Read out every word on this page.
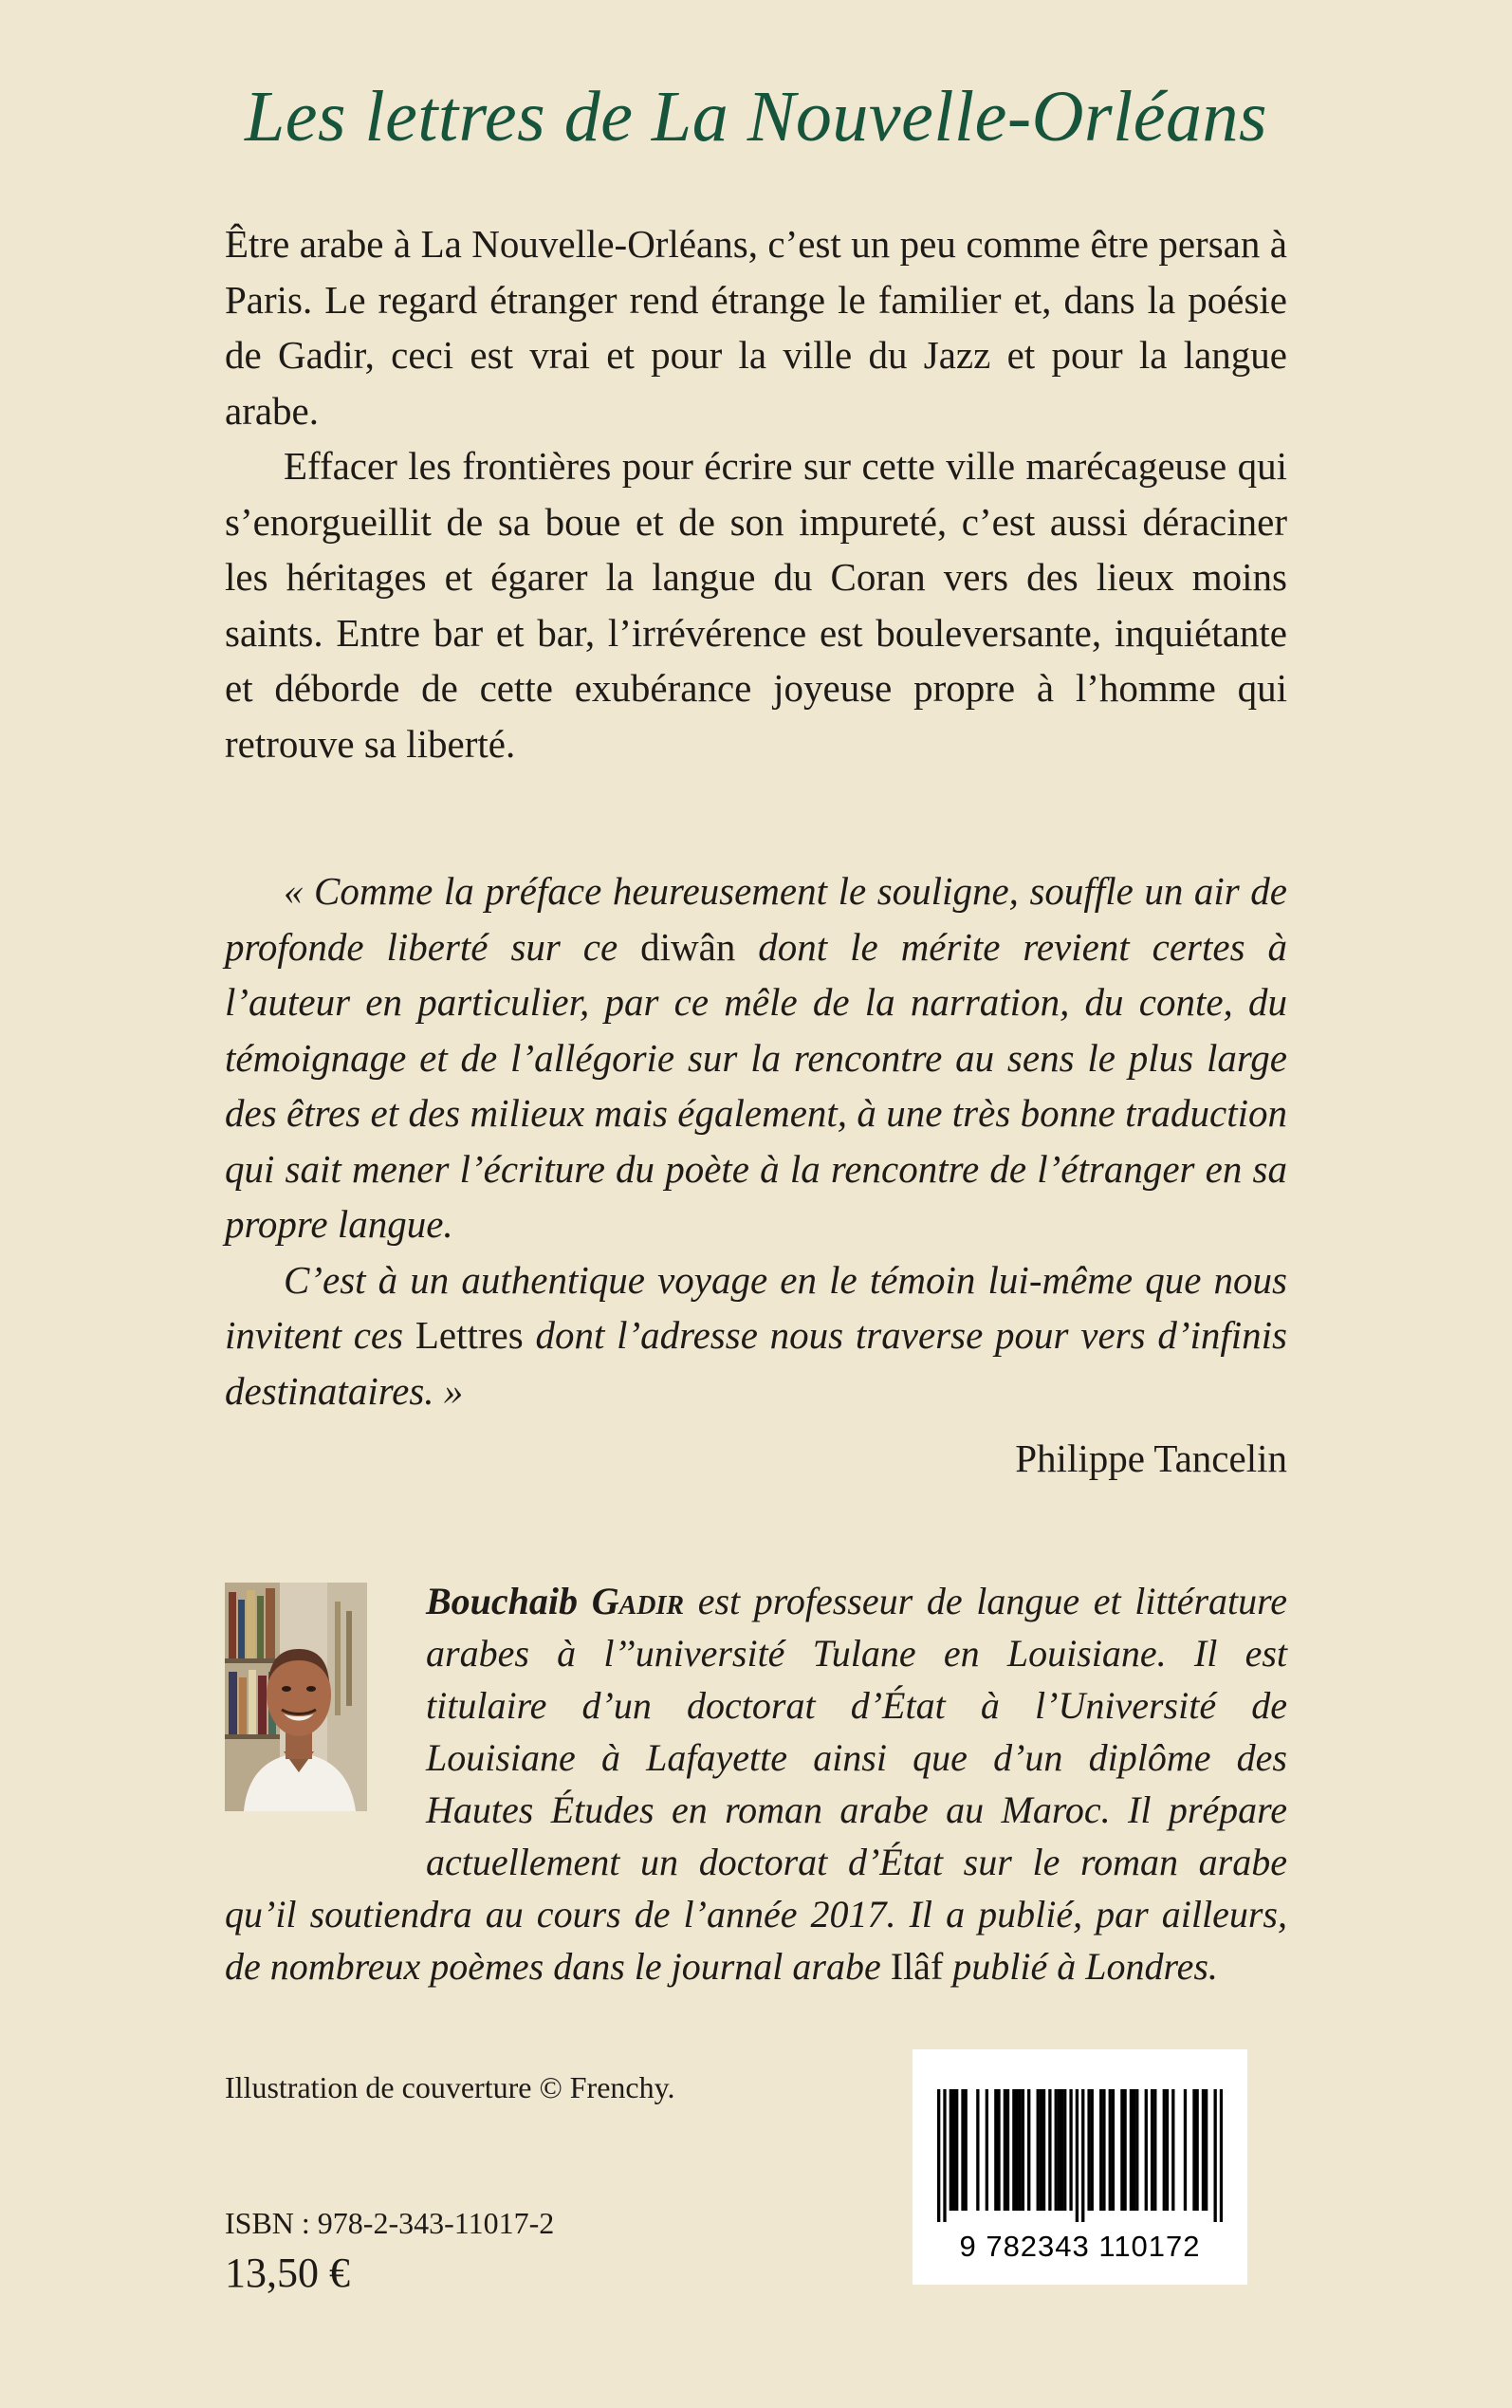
Les lettres de La Nouvelle-Orléans

Être arabe à La Nouvelle-Orléans, c’est un peu comme être persan à Paris. Le regard étranger rend étrange le familier et, dans la poésie de Gadir, ceci est vrai et pour la ville du Jazz et pour la langue arabe.

Effacer les frontières pour écrire sur cette ville marécageuse qui s’enorgueillit de sa boue et de son impureté, c’est aussi déraciner les héritages et égarer la langue du Coran vers des lieux moins saints. Entre bar et bar, l’irrévérence est bouleversante, inquiétante et déborde de cette exubérance joyeuse propre à l’homme qui retrouve sa liberté.

« Comme la préface heureusement le souligne, souffle un air de profonde liberté sur ce diwân dont le mérite revient certes à l’auteur en particulier, par ce mêle de la narration, du conte, du témoignage et de l’allégorie sur la rencontre au sens le plus large des êtres et des milieux mais également, à une très bonne traduction qui sait mener l’écriture du poète à la rencontre de l’étranger en sa propre langue.

C’est à un authentique voyage en le témoin lui-même que nous invitent ces Lettres dont l’adresse nous traverse pour vers d’infinis destinataires. »

Philippe Tancelin

Bouchaib Gadir est professeur de langue et littérature arabes à l’’université Tulane en Louisiane. Il est titulaire d’un doctorat d’État à l’Université de Louisiane à Lafayette ainsi que d’un diplôme des Hautes Études en roman arabe au Maroc. Il prépare actuellement un doctorat d’État sur le roman arabe qu’il soutiendra au cours de l’année 2017. Il a publié, par ailleurs, de nombreux poèmes dans le journal arabe Ilâf publié à Londres.

Illustration de couverture © Frenchy.

ISBN : 978-2-343-11017-2

13,50 €

9 782343 110172
